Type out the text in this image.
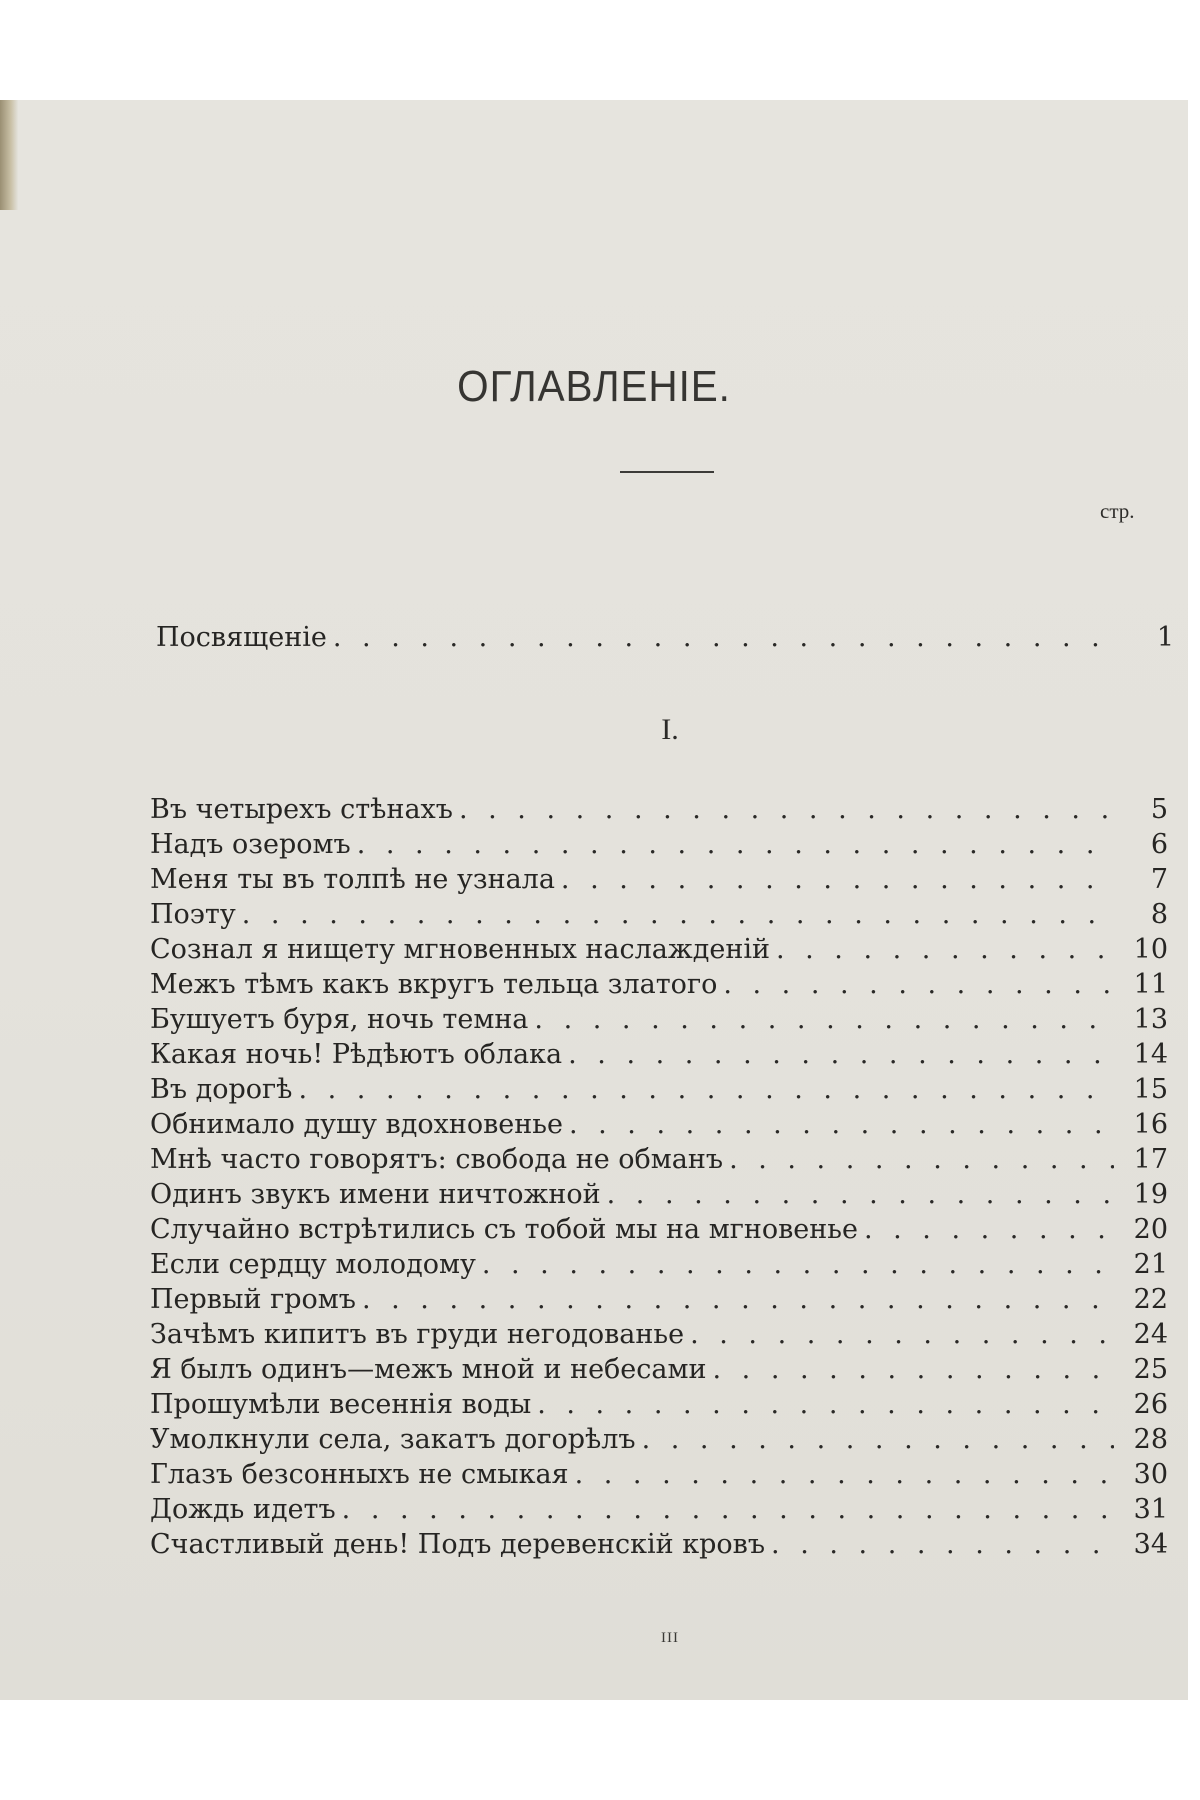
ОГЛАВЛЕНІЕ.
стр.
Посвященіе . . .	1
I.
Въ четырехъ стѣнахъ . . .	5
Надъ озеромъ . . .	6
Меня ты въ толпѣ не узнала . . .	7
Поэту . . .	8
Сознал я нищету мгновенных наслажденій . . .	10
Межъ тѣмъ какъ вкругъ тельца златого . . .	11
Бушуетъ буря, ночь темна . . .	13
Какая ночь! Рѣдѣютъ облака . . .	14
Въ дорогѣ . . .	15
Обнимало душу вдохновенье . . .	16
Мнѣ часто говорятъ: свобода не обманъ . . .	17
Одинъ звукъ имени ничтожной . . .	19
Случайно встрѣтились съ тобой мы на мгновенье . . .	20
Если сердцу молодому . . .	21
Первый громъ . . .	22
Зачѣмъ кипитъ въ груди негодованье . . .	24
Я былъ одинъ—межъ мной и небесами . . .	25
Прошумѣли весеннія воды . . .	26
Умолкнули села, закатъ догорѣлъ . . .	28
Глазъ безсонныхъ не смыкая . . .	30
Дождь идетъ . . .	31
Счастливый день! Подъ деревенскій кровъ . . .	34
III
